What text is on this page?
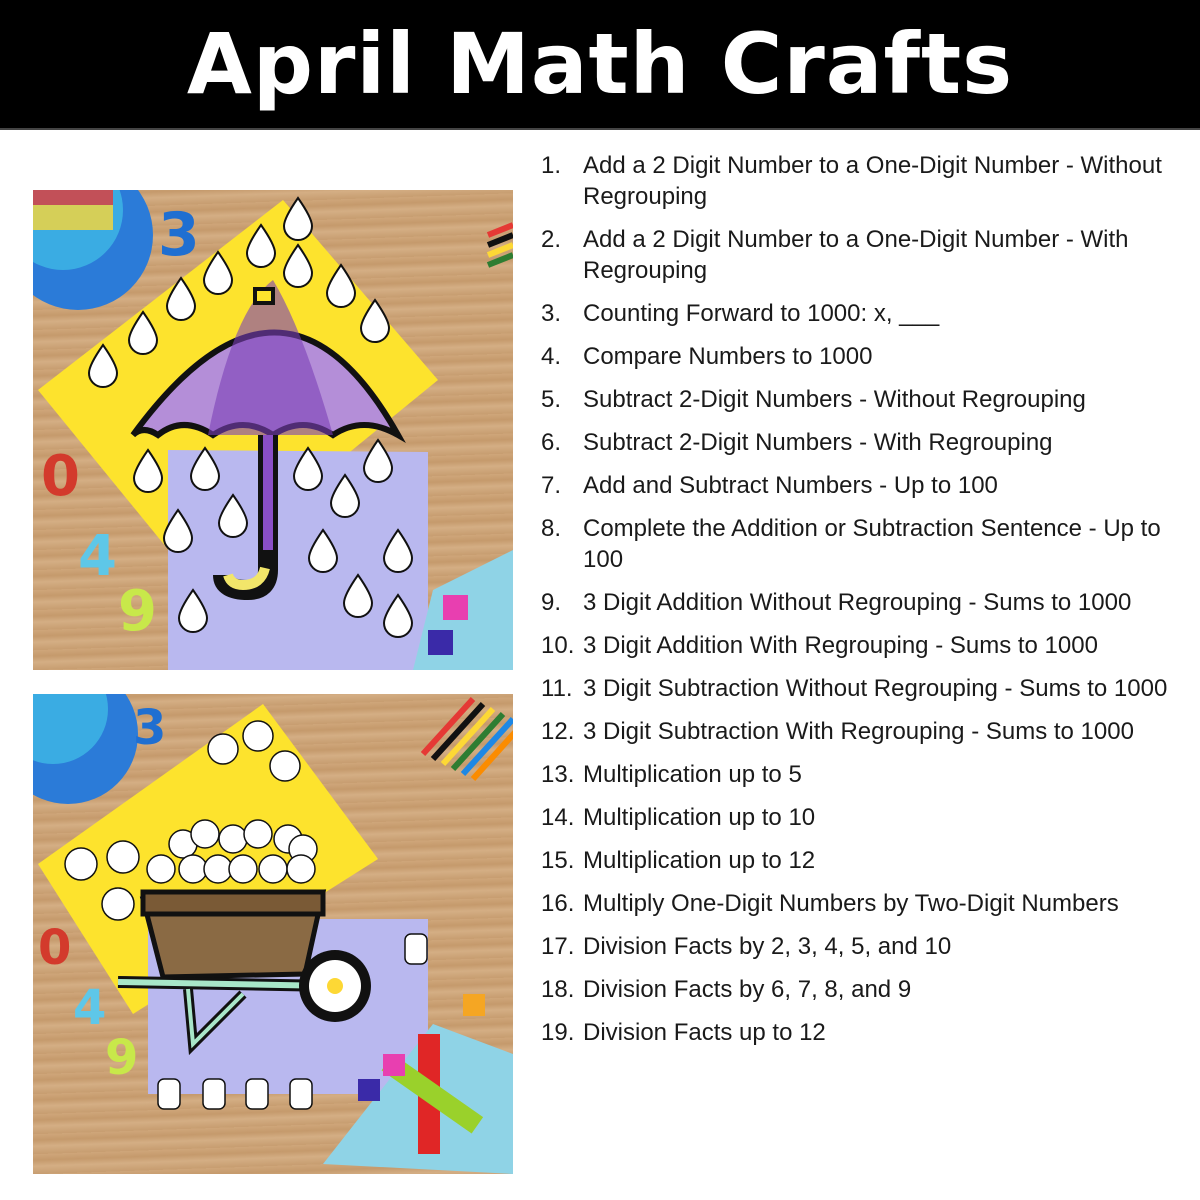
April Math Crafts
3
0
4
9
3
0
4
9
1. Add a 2 Digit Number to a One-Digit Number - Without Regrouping
2. Add a 2 Digit Number to a One-Digit Number - With Regrouping
3. Counting Forward to 1000: x, ___
4. Compare Numbers to 1000
5. Subtract 2-Digit Numbers - Without Regrouping
6. Subtract 2-Digit Numbers - With Regrouping
7. Add and Subtract Numbers - Up to 100
8. Complete the Addition or Subtraction Sentence - Up to 100
9. 3 Digit Addition Without Regrouping - Sums to 1000
10. 3 Digit Addition With Regrouping - Sums to 1000
11. 3 Digit Subtraction Without Regrouping - Sums to 1000
12. 3 Digit Subtraction With Regrouping - Sums to 1000
13. Multiplication up to 5
14. Multiplication up to 10
15. Multiplication up to 12
16. Multiply One-Digit Numbers by Two-Digit Numbers
17. Division Facts by 2, 3, 4, 5, and 10
18. Division Facts by 6, 7, 8, and 9
19. Division Facts up to 12
